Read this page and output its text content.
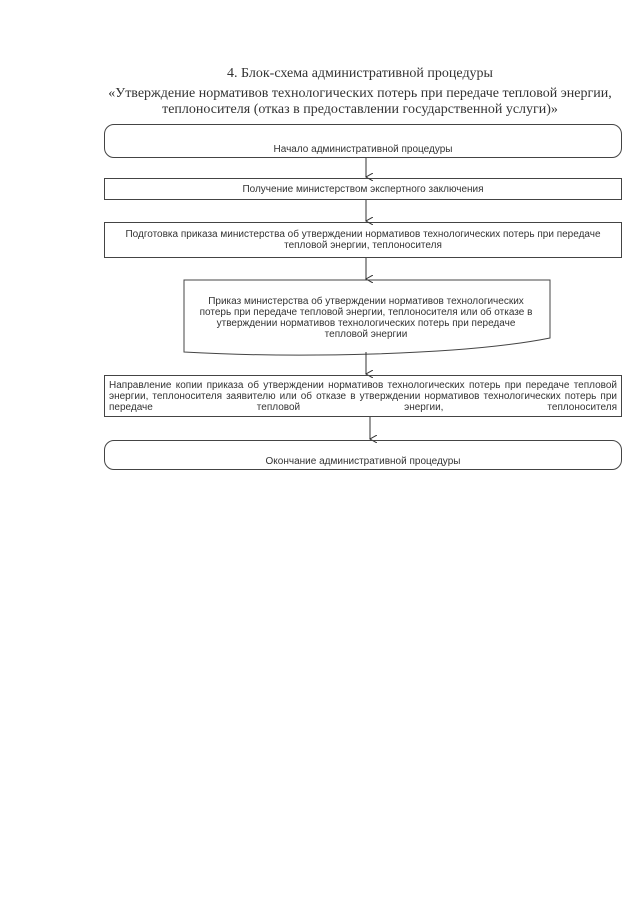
4. Блок-схема административной процедуры
«Утверждение нормативов технологических потерь при передаче тепловой энергии, теплоносителя (отказ в предоставлении государственной услуги)»
Начало административной процедуры
Получение министерством экспертного заключения
Подготовка приказа министерства об утверждении нормативов технологических потерь при передаче тепловой энергии, теплоносителя
Приказ министерства об утверждении нормативов технологических потерь при передаче тепловой энергии, теплоносителя или об отказе в утверждении нормативов технологических потерь при передаче тепловой энергии
Направление копии приказа об утверждении нормативов технологических потерь при передаче тепловой энергии, теплоносителя заявителю или об отказе в утверждении нормативов технологических потерь при передаче тепловой энергии, теплоносителя
Окончание административной процедуры
